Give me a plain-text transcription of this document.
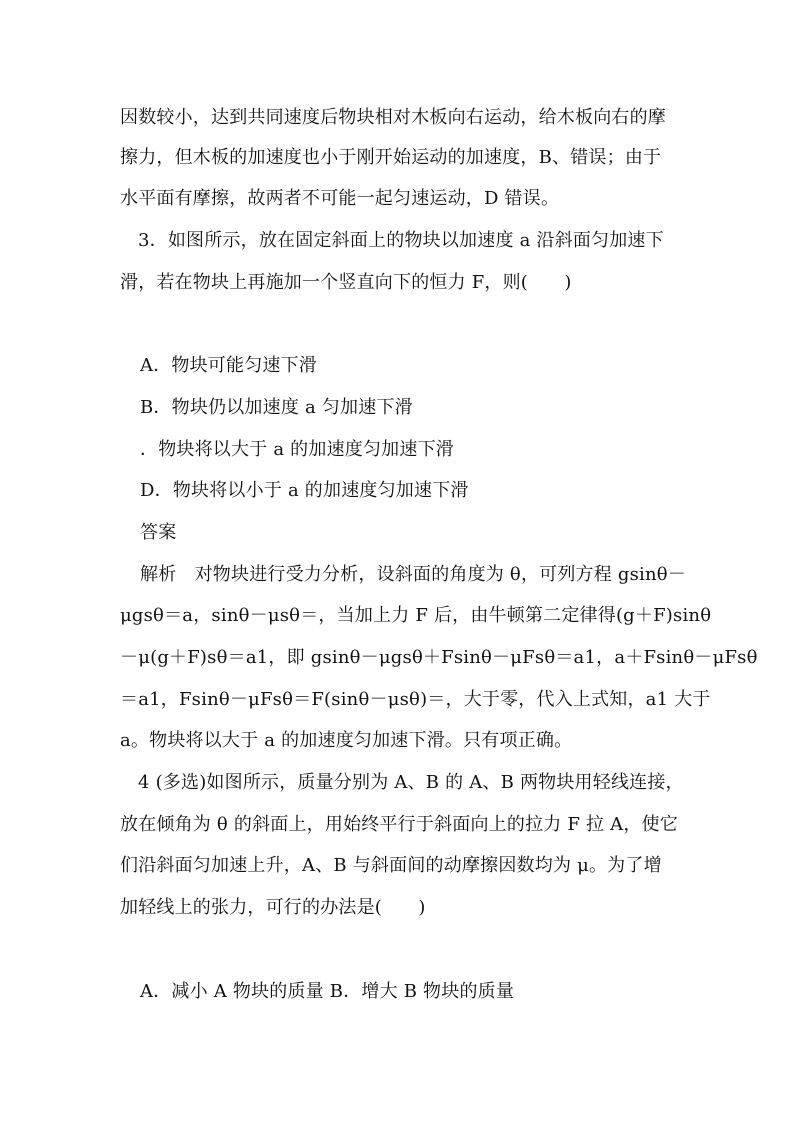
因数较小，达到共同速度后物块相对木板向右运动，给木板向右的摩
擦力，但木板的加速度也小于刚开始运动的加速度，B、错误；由于
水平面有摩擦，故两者不可能一起匀速运动，D 错误。
3．如图所示，放在固定斜面上的物块以加速度 a 沿斜面匀加速下
滑，若在物块上再施加一个竖直向下的恒力 F，则(　　)
A．物块可能匀速下滑
B．物块仍以加速度 a 匀加速下滑
．物块将以大于 a 的加速度匀加速下滑
D．物块将以小于 a 的加速度匀加速下滑
答案
解析　对物块进行受力分析，设斜面的角度为 θ，可列方程 gsinθ－
μgsθ＝a，sinθ－μsθ＝，当加上力 F 后，由牛顿第二定律得(g＋F)sinθ
－μ(g＋F)sθ＝a1，即 gsinθ－μgsθ＋Fsinθ－μFsθ＝a1，a＋Fsinθ－μFsθ
＝a1，Fsinθ－μFsθ＝F(sinθ－μsθ)＝，大于零，代入上式知，a1 大于
a。物块将以大于 a 的加速度匀加速下滑。只有项正确。
4 (多选)如图所示，质量分别为 A、B 的 A、B 两物块用轻线连接，
放在倾角为 θ 的斜面上，用始终平行于斜面向上的拉力 F 拉 A，使它
们沿斜面匀加速上升，A、B 与斜面间的动摩擦因数均为 μ。为了增
加轻线上的张力，可行的办法是(　　)
A．减小 A 物块的质量 B．增大 B 物块的质量
